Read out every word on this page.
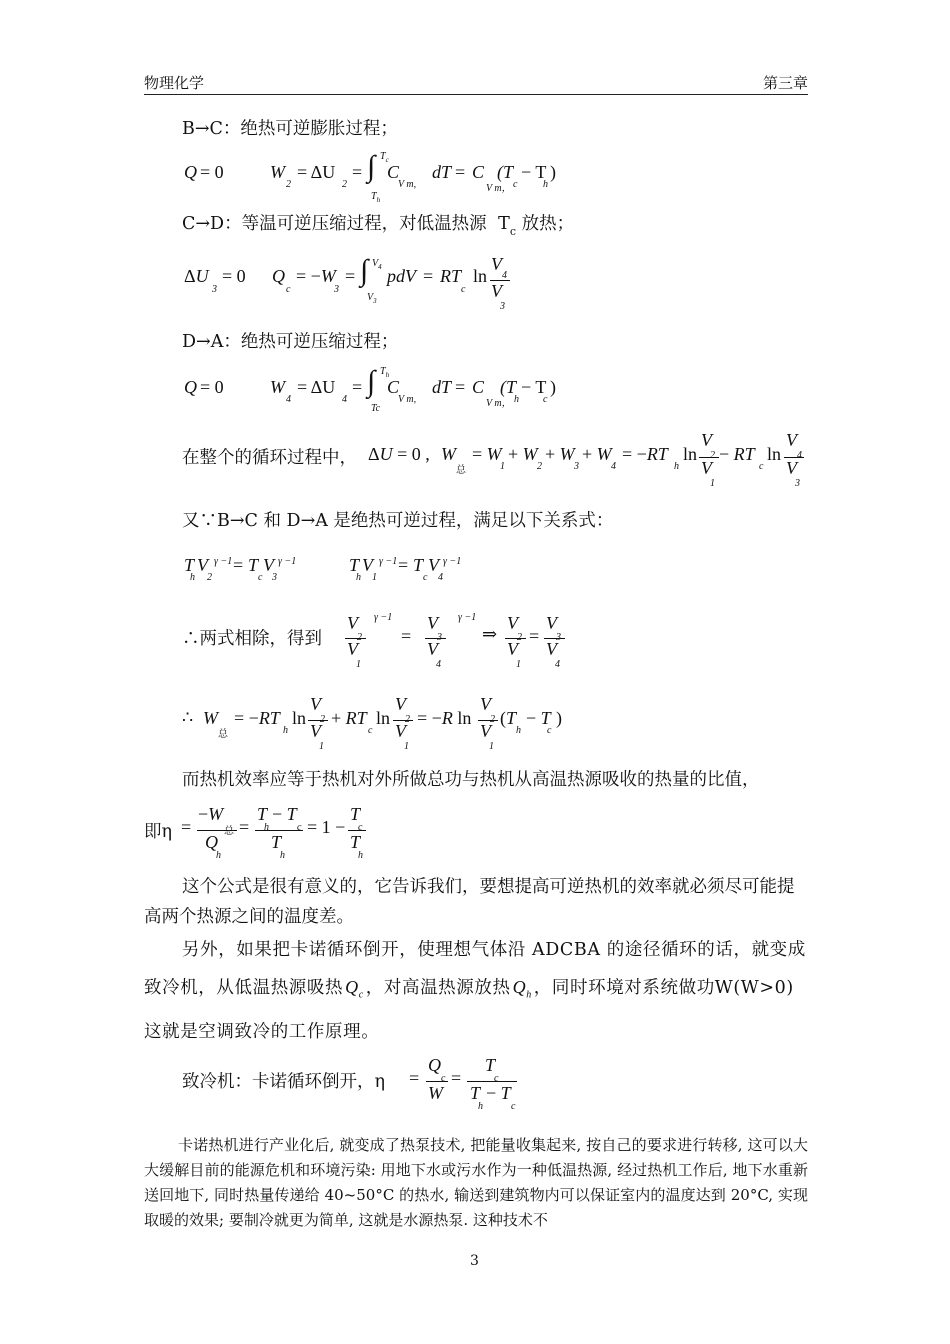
物理化学	第三章
B→C：绝热可逆膨胀过程；
Q = 0	W
2
= ΔU
2
= ∫ $T_c$
$T_h$
C
V m,
dT = C
V m，
(T
c
− T
h
)
C→D：等温可逆压缩过程，对低温热源 $T_c$ 放热；
ΔU
3
= 0 Q
c
= −W
3
= ∫ $V_4$
$V_3$
pdV = RT
c
ln
V
4
V
3
D→A：绝热可逆压缩过程；
Q = 0	W
4
= ΔU
4
= ∫ $T_h$
Tc
C
V m,
dT = C
V m，
(T
h
− T
c
)
在整个的循环过程中， ΔU = 0 , W
总
= W
1
+ W
2
+ W
3
+ W
4
= −RT
h
ln
V
2
V
1
− RT
c
ln
V
4
V
3
又∵B→C 和 D→A 是绝热可逆过程，满足以下关系式：
T
h
V
2
γ −1 = T
c
V
3
γ −1	T
h
V
1
γ −1 = T
c
V
4
γ −1
∴两式相除，得到
V
2
V
1
γ −1
=
V
3
V
4
γ −1
⇒
V
2
V
1
=
V
3
V
4
∴ W
总
= −RT
h
ln
V
2
V
1
+ RT
c
ln
V
2
V
1
= −R ln
V
2
V
1
(T
h
− T
c
)
而热机效率应等于热机对外所做总功与热机从高温热源吸收的热量的比值，
即η =
−W
总
Q
h
=
T
h
− T
c
T
h
= 1 −
T
c
T
h
这个公式是很有意义的，它告诉我们，要想提高可逆热机的效率就必须尽可能提高两个热源之间的温度差。
另外，如果把卡诺循环倒开，使理想气体沿 ADCBA 的途径循环的话，就变成致冷机，从低温热源吸热 $Q_c$ ，对高温热源放热 $Q_h$ ，同时环境对系统做功W(W>0)这就是空调致冷的工作原理。
致冷机：卡诺循环倒开，η =
Q
c
W
=
T
c
T
h
− T
c
卡诺热机进行产业化后, 就变成了热泵技术, 把能量收集起来, 按自己的要求进行转移, 这可以大大缓解目前的能源危机和环境污染: 用地下水或污水作为一种低温热源, 经过热机工作后, 地下水重新送回地下, 同时热量传递给 40~50°C 的热水, 输送到建筑物内可以保证室内的温度达到 20°C, 实现取暖的效果; 要制冷就更为简单, 这就是水源热泵. 这种技术不
3
